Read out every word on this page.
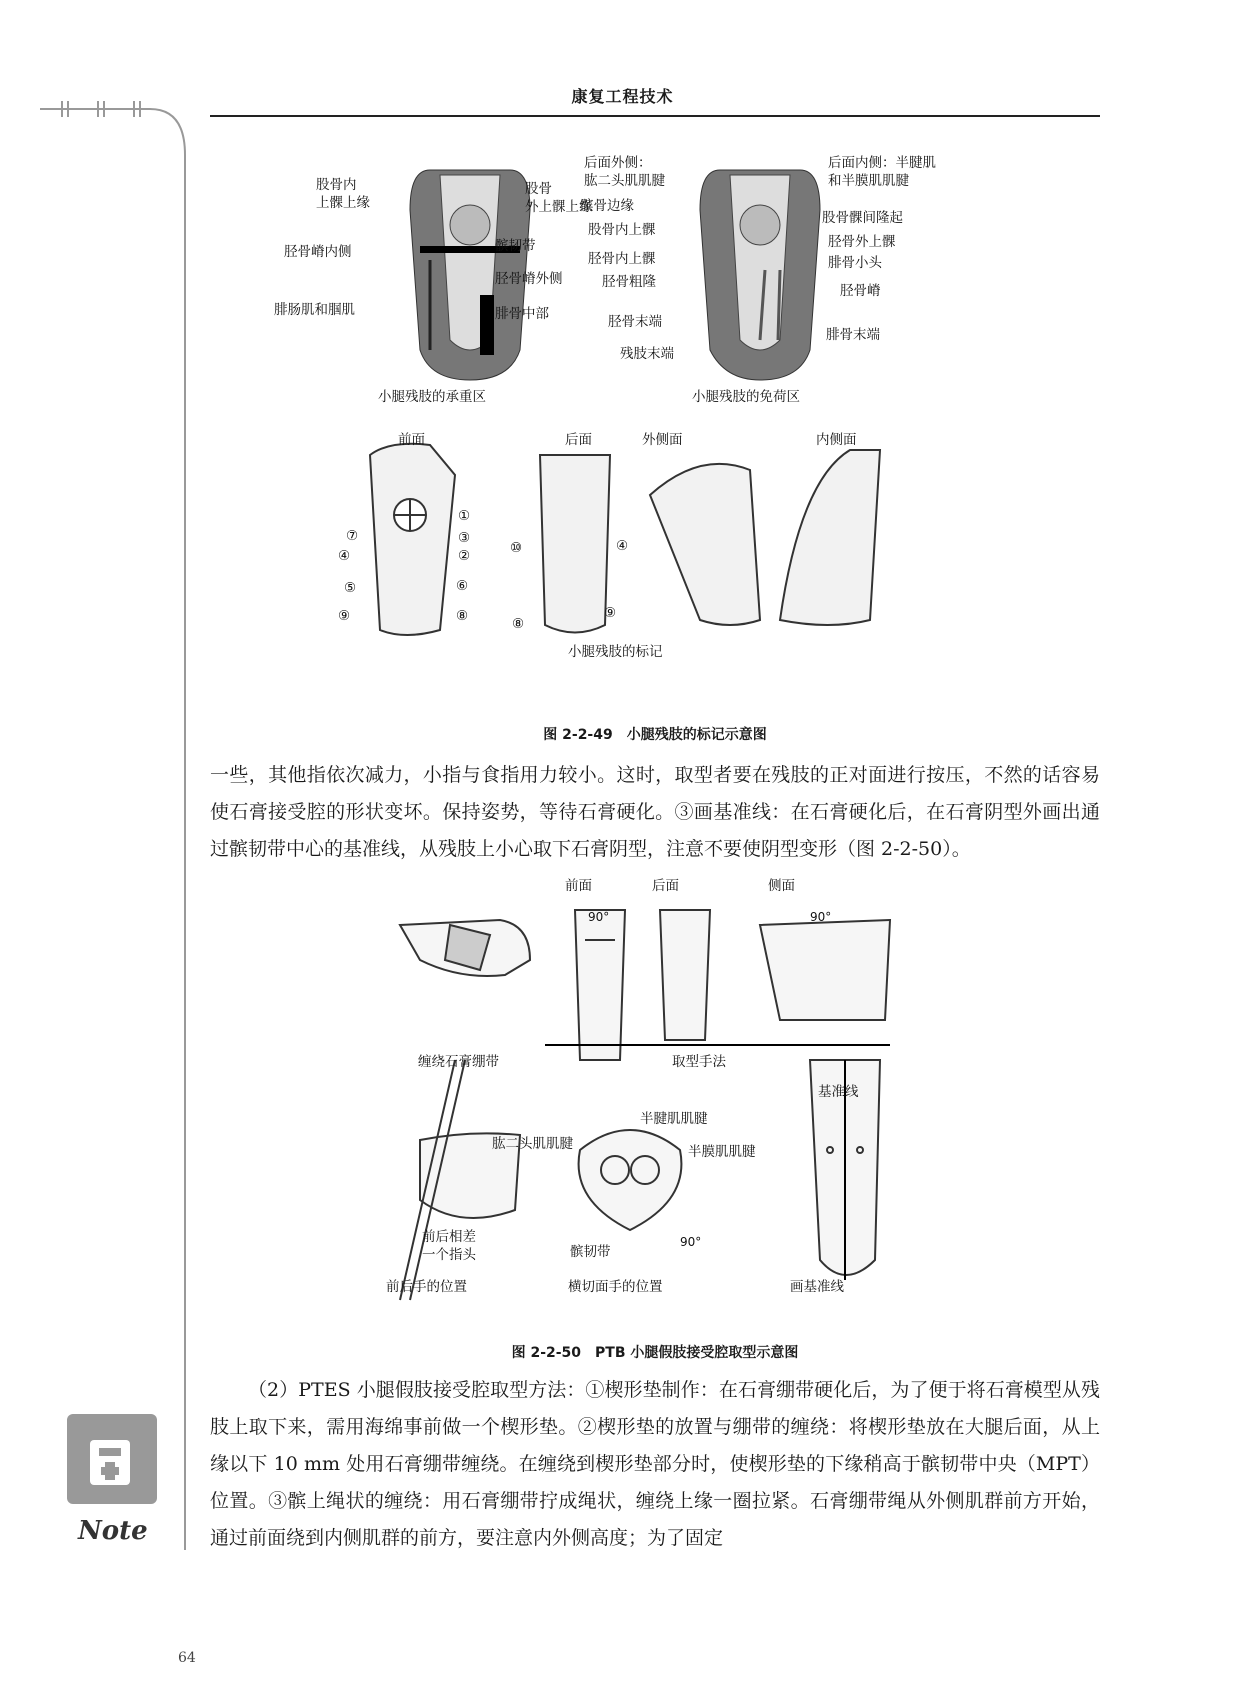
康复工程技术
股骨内
上髁上缘
胫骨嵴内侧
腓肠肌和腘肌
股骨
外上髁上缘
髌韧带
胫骨嵴外侧
腓骨中部
后面外侧：
肱二头肌肌腱
髌骨边缘
股骨内上髁
胫骨内上髁
胫骨粗隆
胫骨末端
残肢末端
后面内侧：半腱肌
和半膜肌肌腱
股骨髁间隆起
胫骨外上髁
腓骨小头
胫骨嵴
腓骨末端
小腿残肢的承重区	小腿残肢的免荷区
前面	后面	外侧面	内侧面
①
③
②
⑥
⑧
⑦
④
⑤
⑨
⑩	④
⑨
⑧
小腿残肢的标记
图 2-2-49　小腿残肢的标记示意图
一些，其他指依次减力，小指与食指用力较小。这时，取型者要在残肢的正对面进行按压，不然的话容易使石膏接受腔的形状变坏。保持姿势，等待石膏硬化。③画基准线：在石膏硬化后，在石膏阴型外画出通过髌韧带中心的基准线，从残肢上小心取下石膏阴型，注意不要使阴型变形（图 2-2-50）。
前面	后面	侧面
90°	90°
缠绕石膏绷带	取型手法
基准线
半腱肌肌腱
肱二头肌肌腱	半膜肌肌腱
前后相差
一个指头	髌韧带
90°
前后手的位置	横切面手的位置	画基准线
图 2-2-50　PTB 小腿假肢接受腔取型示意图
（2）PTES 小腿假肢接受腔取型方法：①楔形垫制作：在石膏绷带硬化后，为了便于将石膏模型从残肢上取下来，需用海绵事前做一个楔形垫。②楔形垫的放置与绷带的缠绕：将楔形垫放在大腿后面，从上缘以下 10 mm 处用石膏绷带缠绕。在缠绕到楔形垫部分时，使楔形垫的下缘稍高于髌韧带中央（MPT）位置。③髌上绳状的缠绕：用石膏绷带拧成绳状，缠绕上缘一圈拉紧。石膏绷带绳从外侧肌群前方开始，通过前面绕到内侧肌群的前方，要注意内外侧高度；为了固定
Note
64
